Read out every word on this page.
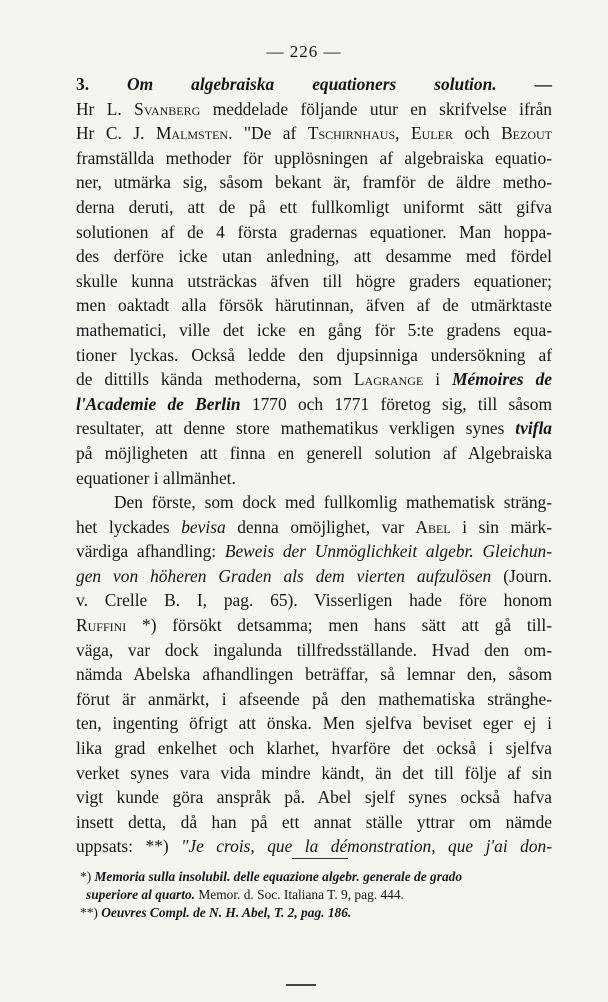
— 226 —

3. Om algebraiska equationers solution. —

Hr L. Svanberg meddelade följande utur en skrifvelse ifrån
Hr C. J. Malmsten. "De af Tschirnhaus, Euler och Bezout
framställda methoder för upplösningen af algebraiska equatio-
ner, utmärka sig, såsom bekant är, framför de äldre metho-
derna deruti, att de på ett fullkomligt uniformt sätt gifva
solutionen af de 4 första gradernas equationer. Man hoppa-
des derföre icke utan anledning, att desamme med fördel
skulle kunna utsträckas äfven till högre graders equationer;
men oaktadt alla försök härutinnan, äfven af de utmärktaste
mathematici, ville det icke en gång för 5:te gradens equa-
tioner lyckas. Också ledde den djupsinniga undersökning af
de dittills kända methoderna, som Lagrange i Mémoires de
l'Academie de Berlin 1770 och 1771 företog sig, till såsom
resultater, att denne store mathematikus verkligen synes tvifla
på möjligheten att finna en generell solution af Algebraiska
equationer i allmänhet.

Den förste, som dock med fullkomlig mathematisk sträng-
het lyckades bevisa denna omöjlighet, var Abel i sin märk-
värdiga afhandling: Beweis der Unmöglichkeit algebr. Gleichun-
gen von höheren Graden als dem vierten aufzulösen (Journ.
v. Crelle B. I, pag. 65). Visserligen hade före honom
Ruffini *) försökt detsamma; men hans sätt att gå till-
väga, var dock ingalunda tillfredsställande. Hvad den om-
nämda Abelska afhandlingen beträffar, så lemnar den, såsom
förut är anmärkt, i afseende på den mathematiska stränghe-
ten, ingenting öfrigt att önska. Men sjelfva beviset eger ej i
lika grad enkelhet och klarhet, hvarföre det också i sjelfva
verket synes vara vida mindre kändt, än det till följe af sin
vigt kunde göra anspråk på. Abel sjelf synes också hafva
insett detta, då han på ett annat ställe yttrar om nämde
uppsats: **) "Je crois, que la démonstration, que j'ai don-

*) Memoria sulla insolubil. delle equazione algebr. generale de grado
superiore al quarto. Memor. d. Soc. Italiana T. 9, pag. 444.
**) Oeuvres Compl. de N. H. Abel, T. 2, pag. 186.
